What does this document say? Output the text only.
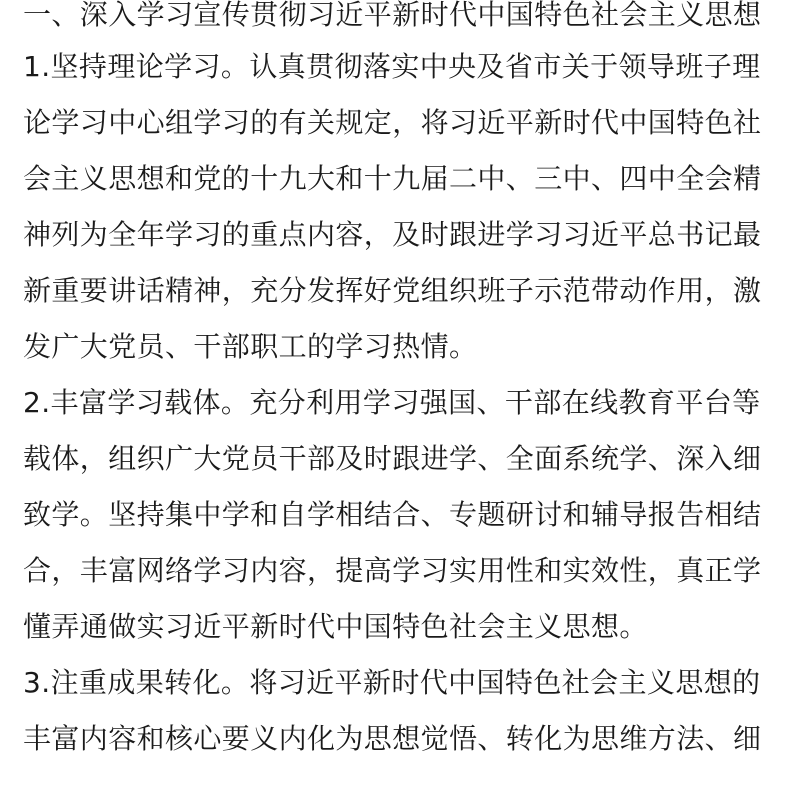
一、深入学习宣传贯彻习近平新时代中国特色社会主义思想
1.坚持理论学习。认真贯彻落实中央及省市关于领导班子理
论学习中心组学习的有关规定，将习近平新时代中国特色社
会主义思想和党的十九大和十九届二中、三中、四中全会精
神列为全年学习的重点内容，及时跟进学习习近平总书记最
新重要讲话精神，充分发挥好党组织班子示范带动作用，激
发广大党员、干部职工的学习热情。
2.丰富学习载体。充分利用学习强国、干部在线教育平台等
载体，组织广大党员干部及时跟进学、全面系统学、深入细
致学。坚持集中学和自学相结合、专题研讨和辅导报告相结
合，丰富网络学习内容，提高学习实用性和实效性，真正学
懂弄通做实习近平新时代中国特色社会主义思想。
3.注重成果转化。将习近平新时代中国特色社会主义思想的
丰富内容和核心要义内化为思想觉悟、转化为思维方法、细
